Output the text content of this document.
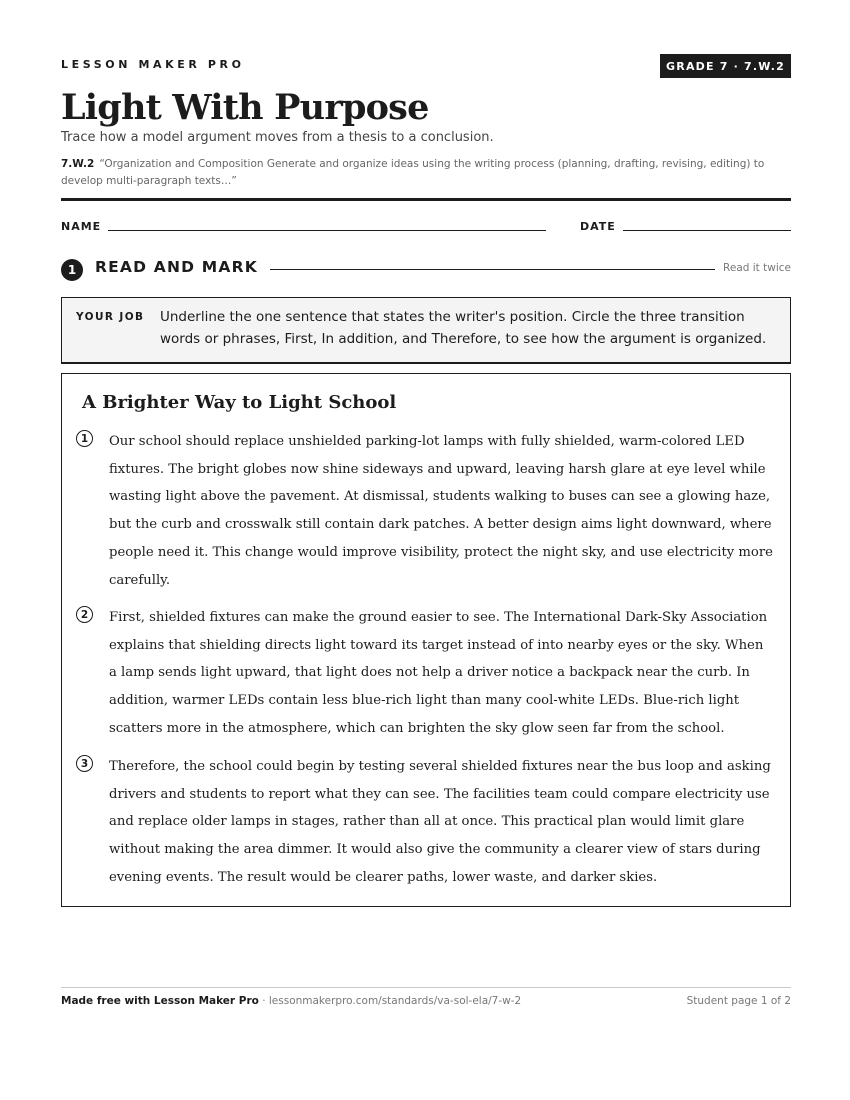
LESSON MAKER PRO	GRADE 7 · 7.W.2
Light With Purpose
Trace how a model argument moves from a thesis to a conclusion.
7.W.2 “Organization and Composition Generate and organize ideas using the writing process (planning, drafting, revising, editing) to develop multi-paragraph texts…”
NAME	DATE
1	READ AND MARK	Read it twice
YOUR JOB Underline the one sentence that states the writer's position. Circle the three transition words or phrases, First, In addition, and Therefore, to see how the argument is organized.
A Brighter Way to Light School
1	Our school should replace unshielded parking-lot lamps with fully shielded, warm-colored LED fixtures. The bright globes now shine sideways and upward, leaving harsh glare at eye level while wasting light above the pavement. At dismissal, students walking to buses can see a glowing haze, but the curb and crosswalk still contain dark patches. A better design aims light downward, where people need it. This change would improve visibility, protect the night sky, and use electricity more carefully.
2	First, shielded fixtures can make the ground easier to see. The International Dark-Sky Association explains that shielding directs light toward its target instead of into nearby eyes or the sky. When a lamp sends light upward, that light does not help a driver notice a backpack near the curb. In addition, warmer LEDs contain less blue-rich light than many cool-white LEDs. Blue-rich light scatters more in the atmosphere, which can brighten the sky glow seen far from the school.
3	Therefore, the school could begin by testing several shielded fixtures near the bus loop and asking drivers and students to report what they can see. The facilities team could compare electricity use and replace older lamps in stages, rather than all at once. This practical plan would limit glare without making the area dimmer. It would also give the community a clearer view of stars during evening events. The result would be clearer paths, lower waste, and darker skies.
Made free with Lesson Maker Pro · lessonmakerpro.com/standards/va-sol-ela/7-w-2	Student page 1 of 2
